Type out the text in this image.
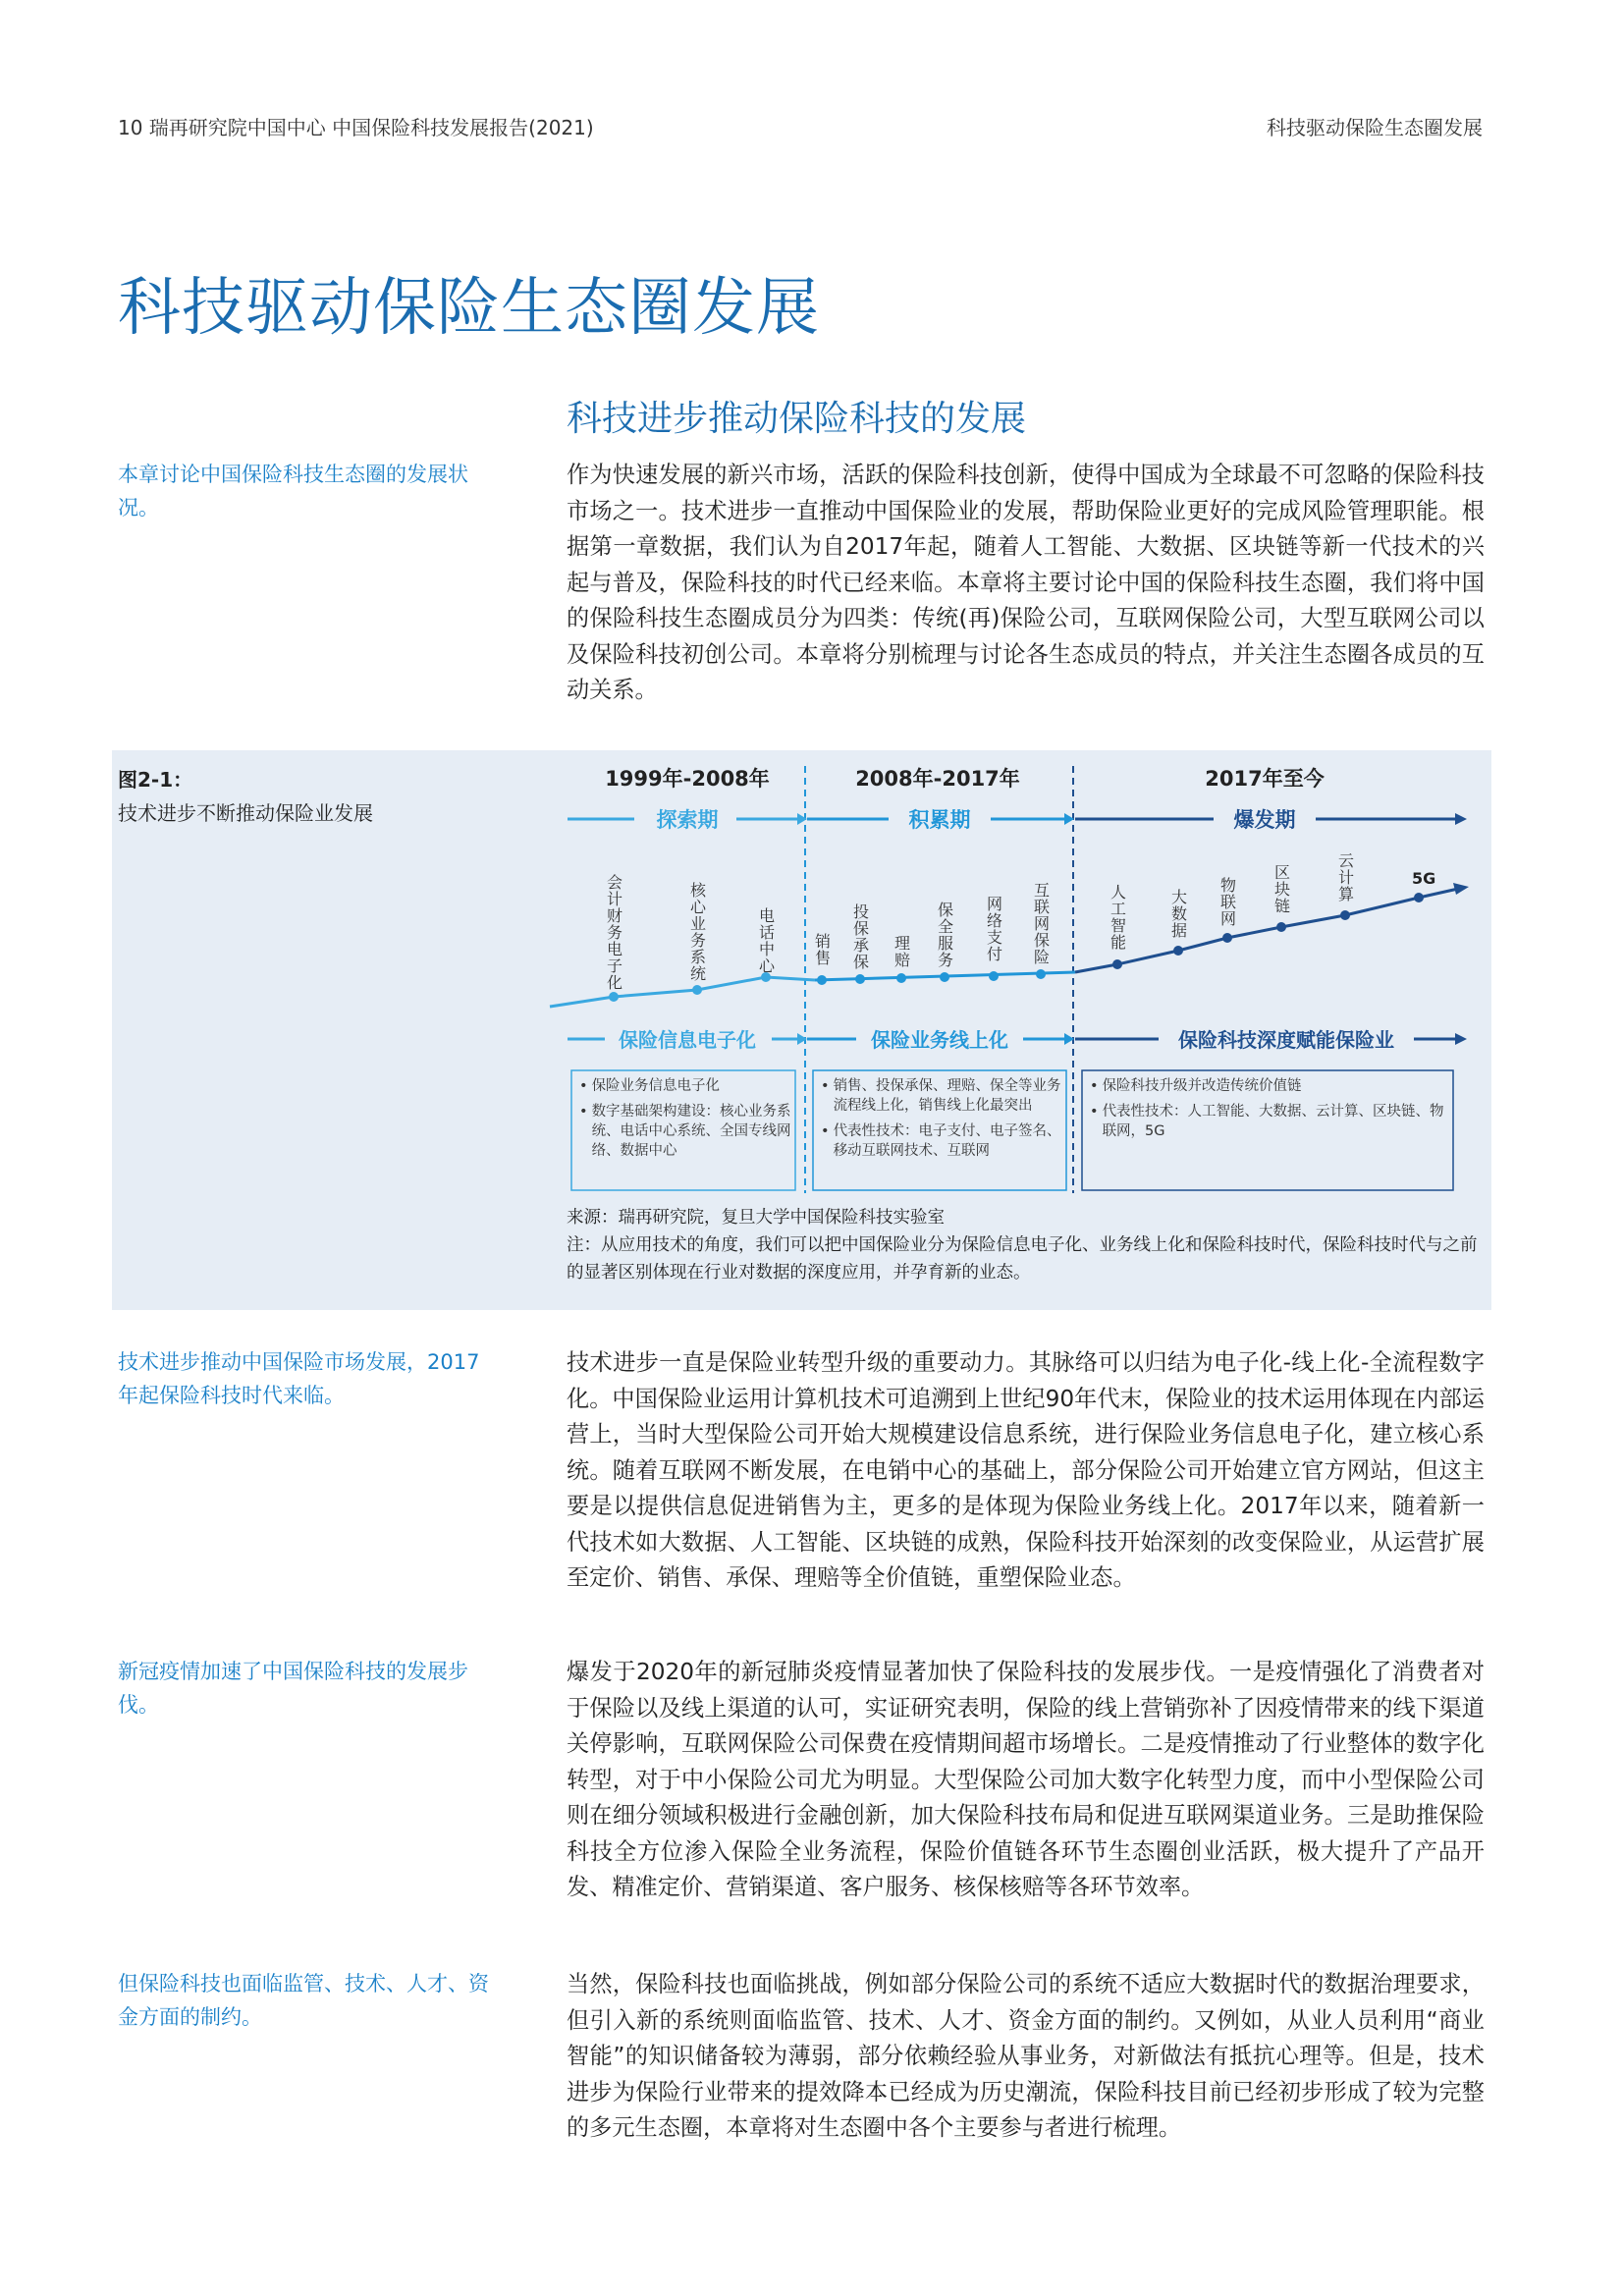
10 瑞再研究院中国中心 中国保险科技发展报告(2021)	科技驱动保险生态圈发展
科技驱动保险生态圈发展
科技进步推动保险科技的发展
本章讨论中国保险科技生态圈的发展状况。
作为快速发展的新兴市场，活跃的保险科技创新，使得中国成为全球最不可忽略的保险科技市场之一。技术进步一直推动中国保险业的发展，帮助保险业更好的完成风险管理职能。根据第一章数据，我们认为自2017年起，随着人工智能、大数据、区块链等新一代技术的兴起与普及，保险科技的时代已经来临。本章将主要讨论中国的保险科技生态圈，我们将中国的保险科技生态圈成员分为四类：传统(再)保险公司，互联网保险公司，大型互联网公司以及保险科技初创公司。本章将分别梳理与讨论各生态成员的特点，并关注生态圈各成员的互动关系。
图2-1：
技术进步不断推动保险业发展
1999年-2008年	2008年-2017年	2017年至今
探索期	积累期	爆发期
会计财务电子化	核心业务系统	电话中心 销售 投保承保 理赔 保全服务 网络支付 互联网保险	人工智能	大数据 物联网 区块链	云计算	5G
保险信息电子化	保险业务线上化	保险科技深度赋能保险业
• 保险业务信息电子化
• 数字基础架构建设：核心业务系统、电话中心系统、全国专线网络、数据中心
• 销售、投保承保、理赔、保全等业务流程线上化，销售线上化最突出
• 代表性技术：电子支付、电子签名、移动互联网技术、互联网
• 保险科技升级并改造传统价值链
• 代表性技术：人工智能、大数据、云计算、区块链、物联网，5G
来源：瑞再研究院，复旦大学中国保险科技实验室
注：从应用技术的角度，我们可以把中国保险业分为保险信息电子化、业务线上化和保险科技时代，保险科技时代与之前的显著区别体现在行业对数据的深度应用，并孕育新的业态。
技术进步推动中国保险市场发展，2017年起保险科技时代来临。
技术进步一直是保险业转型升级的重要动力。其脉络可以归结为电子化-线上化-全流程数字化。中国保险业运用计算机技术可追溯到上世纪90年代末，保险业的技术运用体现在内部运营上，当时大型保险公司开始大规模建设信息系统，进行保险业务信息电子化，建立核心系统。随着互联网不断发展，在电销中心的基础上，部分保险公司开始建立官方网站，但这主要是以提供信息促进销售为主，更多的是体现为保险业务线上化。2017年以来，随着新一代技术如大数据、人工智能、区块链的成熟，保险科技开始深刻的改变保险业，从运营扩展至定价、销售、承保、理赔等全价值链，重塑保险业态。
新冠疫情加速了中国保险科技的发展步伐。
爆发于2020年的新冠肺炎疫情显著加快了保险科技的发展步伐。一是疫情强化了消费者对于保险以及线上渠道的认可，实证研究表明，保险的线上营销弥补了因疫情带来的线下渠道关停影响，互联网保险公司保费在疫情期间超市场增长。二是疫情推动了行业整体的数字化转型，对于中小保险公司尤为明显。大型保险公司加大数字化转型力度，而中小型保险公司则在细分领域积极进行金融创新，加大保险科技布局和促进互联网渠道业务。三是助推保险科技全方位渗入保险全业务流程，保险价值链各环节生态圈创业活跃，极大提升了产品开发、精准定价、营销渠道、客户服务、核保核赔等各环节效率。
但保险科技也面临监管、技术、人才、资金方面的制约。
当然，保险科技也面临挑战，例如部分保险公司的系统不适应大数据时代的数据治理要求，但引入新的系统则面临监管、技术、人才、资金方面的制约。又例如，从业人员利用“商业智能”的知识储备较为薄弱，部分依赖经验从事业务，对新做法有抵抗心理等。但是，技术进步为保险行业带来的提效降本已经成为历史潮流，保险科技目前已经初步形成了较为完整的多元生态圈，本章将对生态圈中各个主要参与者进行梳理。
